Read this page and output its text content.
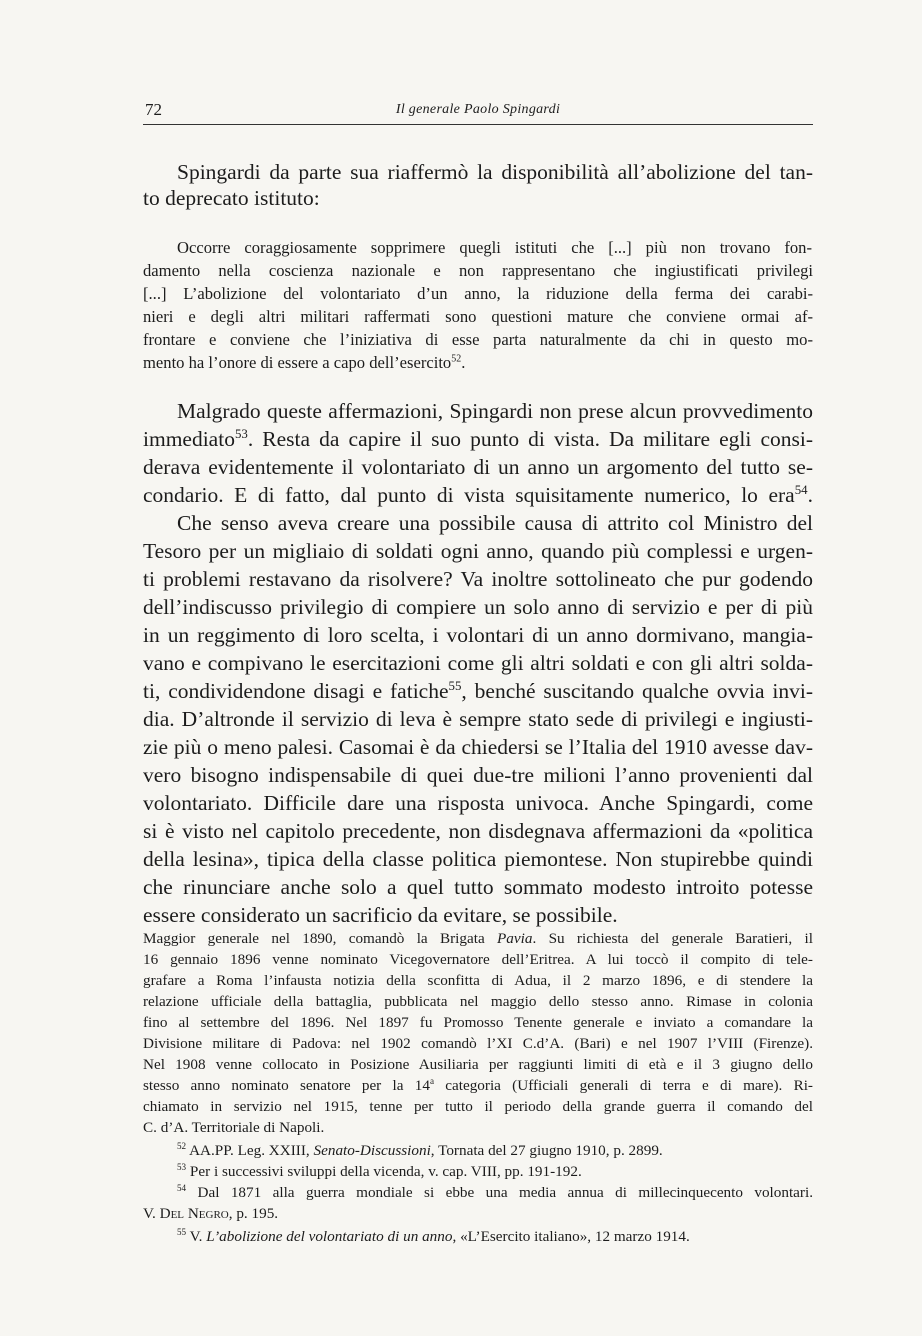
72	Il generale Paolo Spingardi
Spingardi da parte sua riaffermò la disponibilità all’abolizione del tan-
to deprecato istituto:
Occorre coraggiosamente sopprimere quegli istituti che [...] più non trovano fon-
damento nella coscienza nazionale e non rappresentano che ingiustificati privilegi
[...] L’abolizione del volontariato d’un anno, la riduzione della ferma dei carabi-
nieri e degli altri militari raffermati sono questioni mature che conviene ormai af-
frontare e conviene che l’iniziativa di esse parta naturalmente da chi in questo mo-
mento ha l’onore di essere a capo dell’esercito$^{52}$.
Malgrado queste affermazioni, Spingardi non prese alcun provvedimento
immediato$^{53}$. Resta da capire il suo punto di vista. Da militare egli consi-
derava evidentemente il volontariato di un anno un argomento del tutto se-
condario. E di fatto, dal punto di vista squisitamente numerico, lo era$^{54}$.
Che senso aveva creare una possibile causa di attrito col Ministro del
Tesoro per un migliaio di soldati ogni anno, quando più complessi e urgen-
ti problemi restavano da risolvere? Va inoltre sottolineato che pur godendo
dell’indiscusso privilegio di compiere un solo anno di servizio e per di più
in un reggimento di loro scelta, i volontari di un anno dormivano, mangia-
vano e compivano le esercitazioni come gli altri soldati e con gli altri solda-
ti, condividendone disagi e fatiche$^{55}$, benché suscitando qualche ovvia invi-
dia. D’altronde il servizio di leva è sempre stato sede di privilegi e ingiusti-
zie più o meno palesi. Casomai è da chiedersi se l’Italia del 1910 avesse dav-
vero bisogno indispensabile di quei due-tre milioni l’anno provenienti dal
volontariato. Difficile dare una risposta univoca. Anche Spingardi, come
si è visto nel capitolo precedente, non disdegnava affermazioni da «politica
della lesina», tipica della classe politica piemontese. Non stupirebbe quindi
che rinunciare anche solo a quel tutto sommato modesto introito potesse
essere considerato un sacrificio da evitare, se possibile.
Maggior generale nel 1890, comandò la Brigata Pavia. Su richiesta del generale Baratieri, il
16 gennaio 1896 venne nominato Vicegovernatore dell’Eritrea. A lui toccò il compito di tele-
grafare a Roma l’infausta notizia della sconfitta di Adua, il 2 marzo 1896, e di stendere la
relazione ufficiale della battaglia, pubblicata nel maggio dello stesso anno. Rimase in colonia
fino al settembre del 1896. Nel 1897 fu Promosso Tenente generale e inviato a comandare la
Divisione militare di Padova: nel 1902 comandò l’XI C.d’A. (Bari) e nel 1907 l’VIII (Firenze).
Nel 1908 venne collocato in Posizione Ausiliaria per raggiunti limiti di età e il 3 giugno dello
stesso anno nominato senatore per la 14$^a$ categoria (Ufficiali generali di terra e di mare). Ri-
chiamato in servizio nel 1915, tenne per tutto il periodo della grande guerra il comando del
C. d’A. Territoriale di Napoli.
$^{52}$ AA.PP. Leg. XXIII, Senato-Discussioni, Tornata del 27 giugno 1910, p. 2899.
$^{53}$ Per i successivi sviluppi della vicenda, v. cap. VIII, pp. 191-192.
$^{54}$ Dal 1871 alla guerra mondiale si ebbe una media annua di millecinquecento volontari.
V. Del Negro, p. 195.
$^{55}$ V. L’abolizione del volontariato di un anno, «L’Esercito italiano», 12 marzo 1914.
